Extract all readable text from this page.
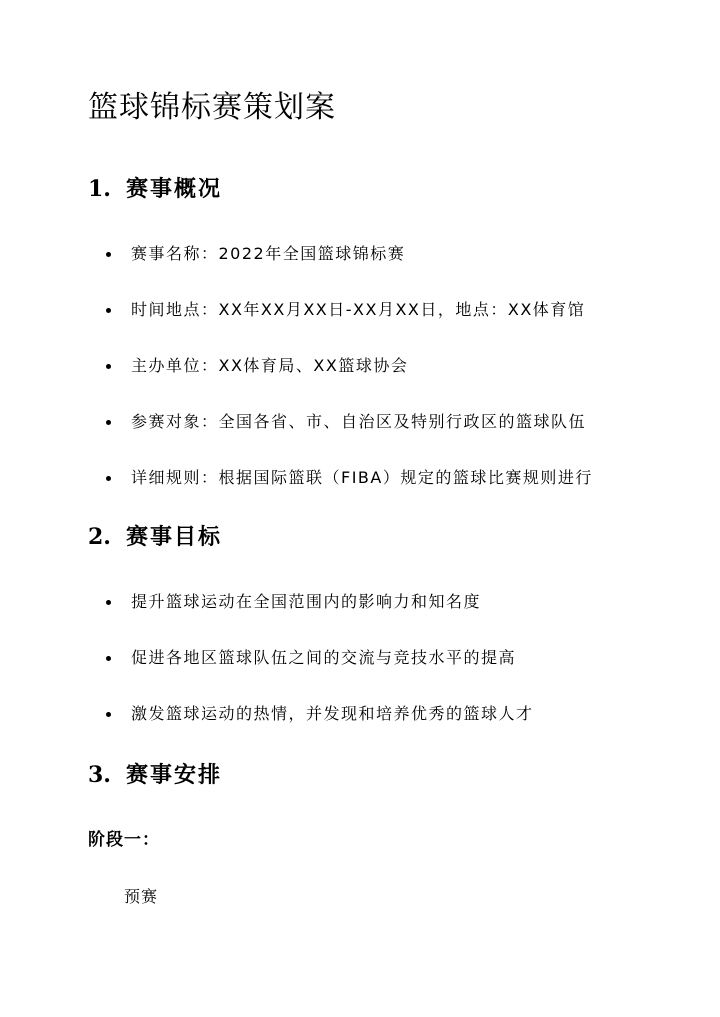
篮球锦标赛策划案
1. 赛事概况
赛事名称：2022年全国篮球锦标赛
时间地点：XX年XX月XX日-XX月XX日，地点：XX体育馆
主办单位：XX体育局、XX篮球协会
参赛对象：全国各省、市、自治区及特别行政区的篮球队伍
详细规则：根据国际篮联（FIBA）规定的篮球比赛规则进行
2. 赛事目标
提升篮球运动在全国范围内的影响力和知名度
促进各地区篮球队伍之间的交流与竞技水平的提高
激发篮球运动的热情，并发现和培养优秀的篮球人才
3. 赛事安排
阶段一：
预赛
